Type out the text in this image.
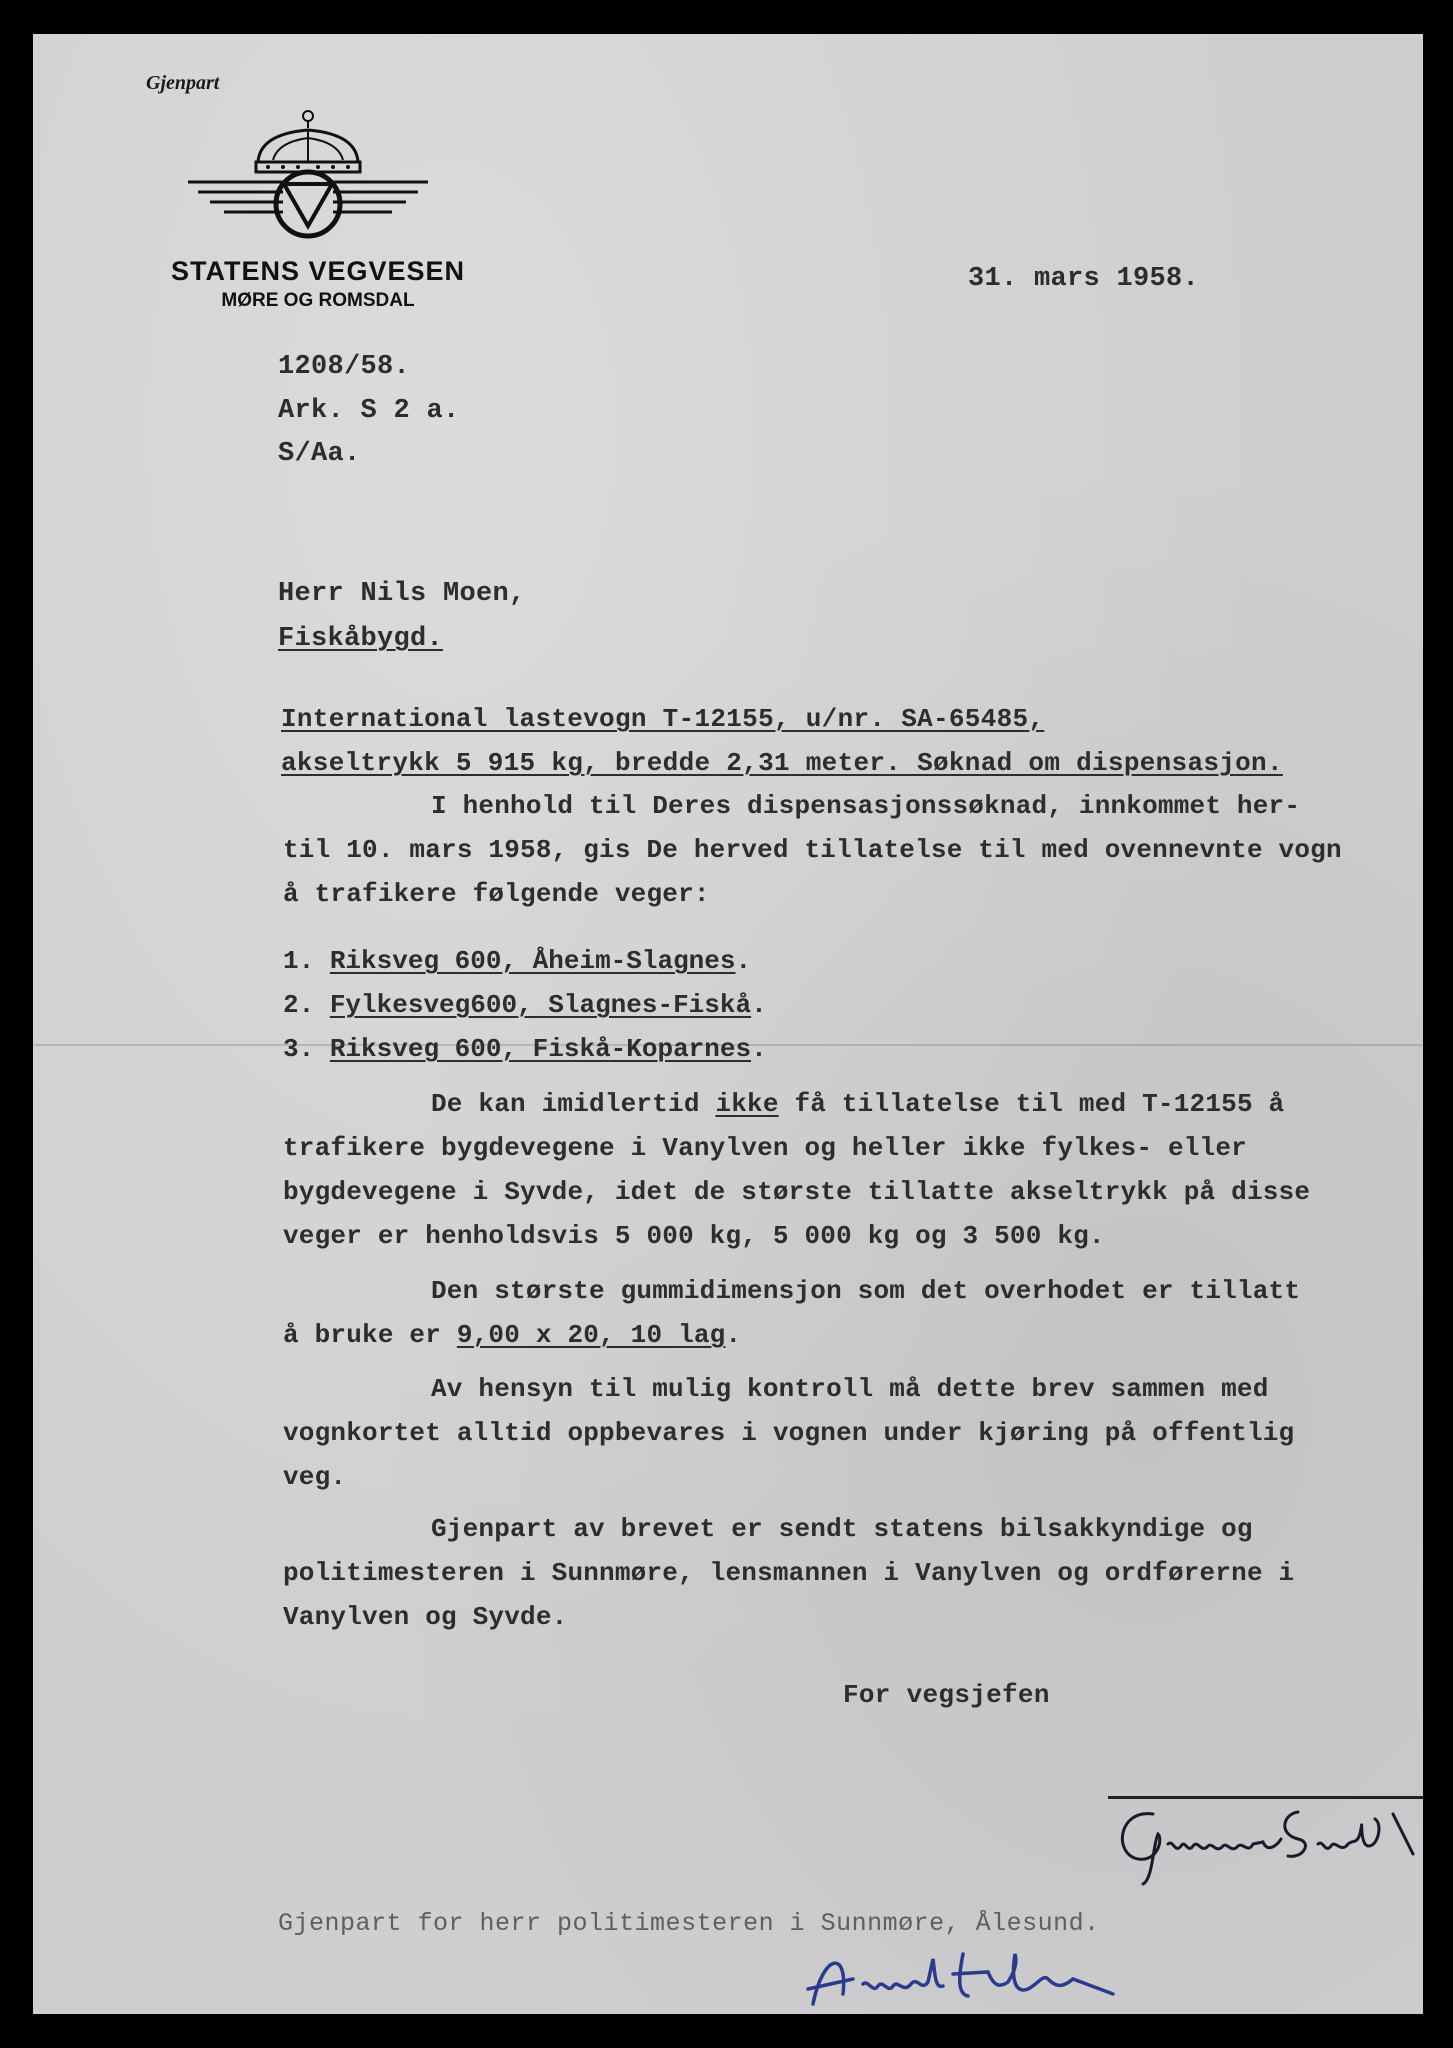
Gjenpart
STATENS VEGVESEN
MØRE OG ROMSDAL
31. mars 1958.
1208/58.
Ark. S 2 a.
S/Aa.
Herr Nils Moen,
Fiskåbygd.
International lastevogn T-12155, u/nr. SA-65485,
akseltrykk 5 915 kg, bredde 2,31 meter. Søknad om dispensasjon.
I henhold til Deres dispensasjonssøknad, innkommet her-
til 10. mars 1958, gis De herved tillatelse til med ovennevnte vogn
å trafikere følgende veger:
1. Riksveg 600, Åheim-Slagnes.
2. Fylkesveg600, Slagnes-Fiskå.
3. Riksveg 600, Fiskå-Koparnes.
De kan imidlertid ikke få tillatelse til med T-12155 å
trafikere bygdevegene i Vanylven og heller ikke fylkes- eller
bygdevegene i Syvde, idet de største tillatte akseltrykk på disse
veger er henholdsvis 5 000 kg, 5 000 kg og 3 500 kg.
Den største gummidimensjon som det overhodet er tillatt
å bruke er 9,00 x 20, 10 lag.
Av hensyn til mulig kontroll må dette brev sammen med
vognkortet alltid oppbevares i vognen under kjøring på offentlig
veg.
Gjenpart av brevet er sendt statens bilsakkyndige og
politimesteren i Sunnmøre, lensmannen i Vanylven og ordførerne i
Vanylven og Syvde.
For vegsjefen
Gjenpart for herr politimesteren i Sunnmøre, Ålesund.
